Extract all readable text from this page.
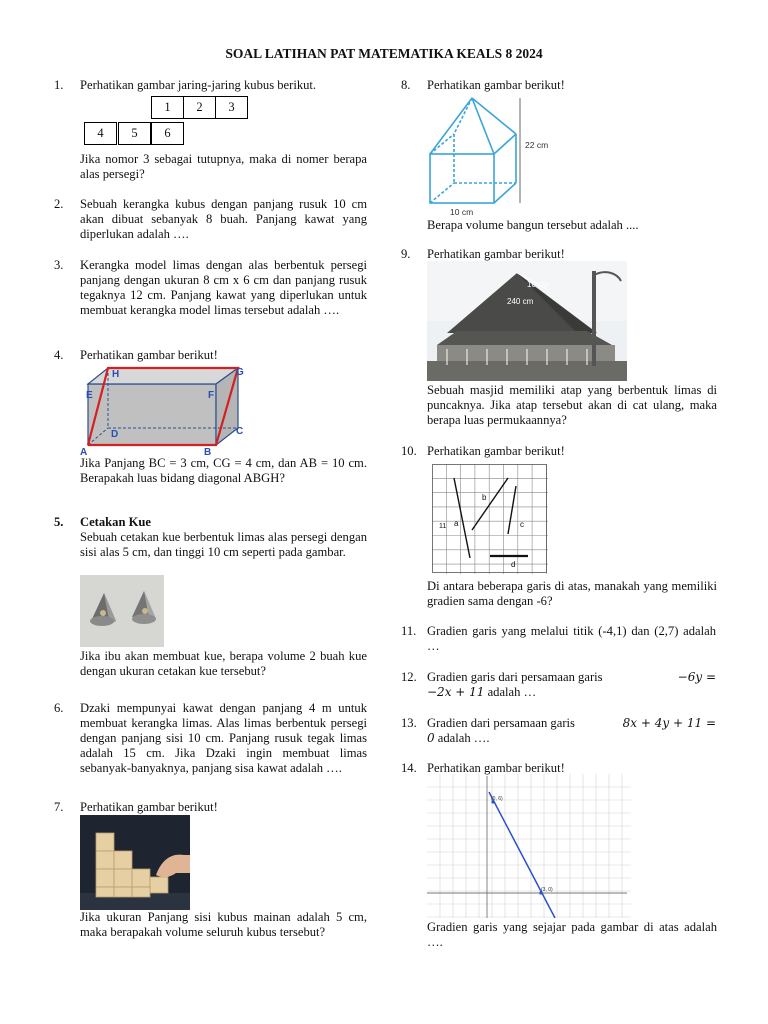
SOAL LATIHAN PAT MATEMATIKA KEALS 8 2024
1. Perhatikan gambar jaring-jaring kubus berikut.
1	2	3
4	5	6
Jika nomor 3 sebagai tutupnya, maka di nomer berapa alas persegi?
2. Sebuah kerangka kubus dengan panjang rusuk 10 cm akan dibuat sebanyak 8 buah. Panjang kawat yang diperlukan adalah ….
3. Kerangka model limas dengan alas berbentuk persegi panjang dengan ukuran 8 cm x 6 cm dan panjang rusuk tegaknya 12 cm. Panjang kawat yang diperlukan untuk membuat kerangka model limas tersebut adalah ….
4. Perhatikan gambar berikut!
H	G
E	F
D	C
A	B
Jika Panjang BC = 3 cm, CG = 4 cm, dan AB = 10 cm. Berapakah luas bidang diagonal ABGH?
5. Cetakan Kue
Sebuah cetakan kue berbentuk limas alas persegi dengan sisi alas 5 cm, dan tinggi 10 cm seperti pada gambar.
Jika ibu akan membuat kue, berapa volume 2 buah kue dengan ukuran cetakan kue tersebut?
6. Dzaki mempunyai kawat dengan panjang 4 m untuk membuat kerangka limas. Alas limas berbentuk persegi dengan panjang sisi 10 cm. Panjang rusuk tegak limas adalah 15 cm. Jika Dzaki ingin membuat limas sebanyak-banyaknya, panjang sisa kawat adalah ….
7. Perhatikan gambar berikut!
Jika ukuran Panjang sisi kubus mainan adalah 5 cm, maka berapakah volume seluruh kubus tersebut?
8. Perhatikan gambar berikut!
22 cm
10 cm
Berapa volume bangun tersebut adalah ....
9. Perhatikan gambar berikut!
10 cm
240 cm
Sebuah masjid memiliki atap yang berbentuk limas di puncaknya. Jika atap tersebut akan di cat ulang, maka berapa luas permukaannya?
10. Perhatikan gambar berikut!
a
b
c
d
11
Di antara beberapa garis di atas, manakah yang memiliki gradien sama dengan -6?
11. Gradien garis yang melalui titik (-4,1) dan (2,7) adalah …
12. Gradien garis dari persamaan garis	−6𝑦 =
−2𝑥 + 11 adalah …
13. Gradien dari persamaan garis	8𝑥 + 4𝑦 + 11 =
0 adalah ….
14. Perhatikan gambar berikut!
(0, 6)
(3, 0)
Gradien garis yang sejajar pada gambar di atas adalah ….
